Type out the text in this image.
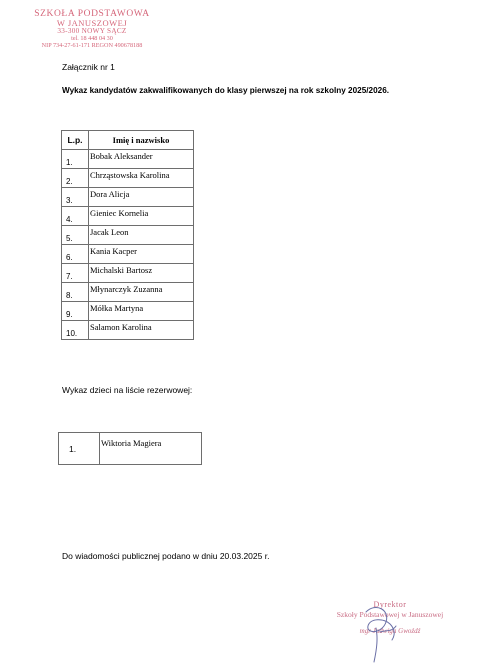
SZKOŁA PODSTAWOWA
W JANUSZOWEJ
33-300 NOWY SĄCZ
tel. 18 448 04 30
NIP 734-27-61-171 REGON 490678188
Załącznik nr 1
Wykaz kandydatów zakwalifikowanych do klasy pierwszej na rok szkolny 2025/2026.
L.p.	Imię i nazwisko
1.	Bobak Aleksander
2.	Chrząstowska Karolina
3.	Dora Alicja
4.	Gieniec Kornelia
5.	Jacak Leon
6.	Kania Kacper
7.	Michalski Bartosz
8.	Młynarczyk Zuzanna
9.	Mółka Martyna
10.	Salamon Karolina
Wykaz dzieci na liście rezerwowej:
1.	Wiktoria Magiera
Do wiadomości publicznej podano w dniu 20.03.2025 r.
Dyrektor
Szkoły Podstawowej w Januszowej
mgr Jadwiga Gwoźdź
